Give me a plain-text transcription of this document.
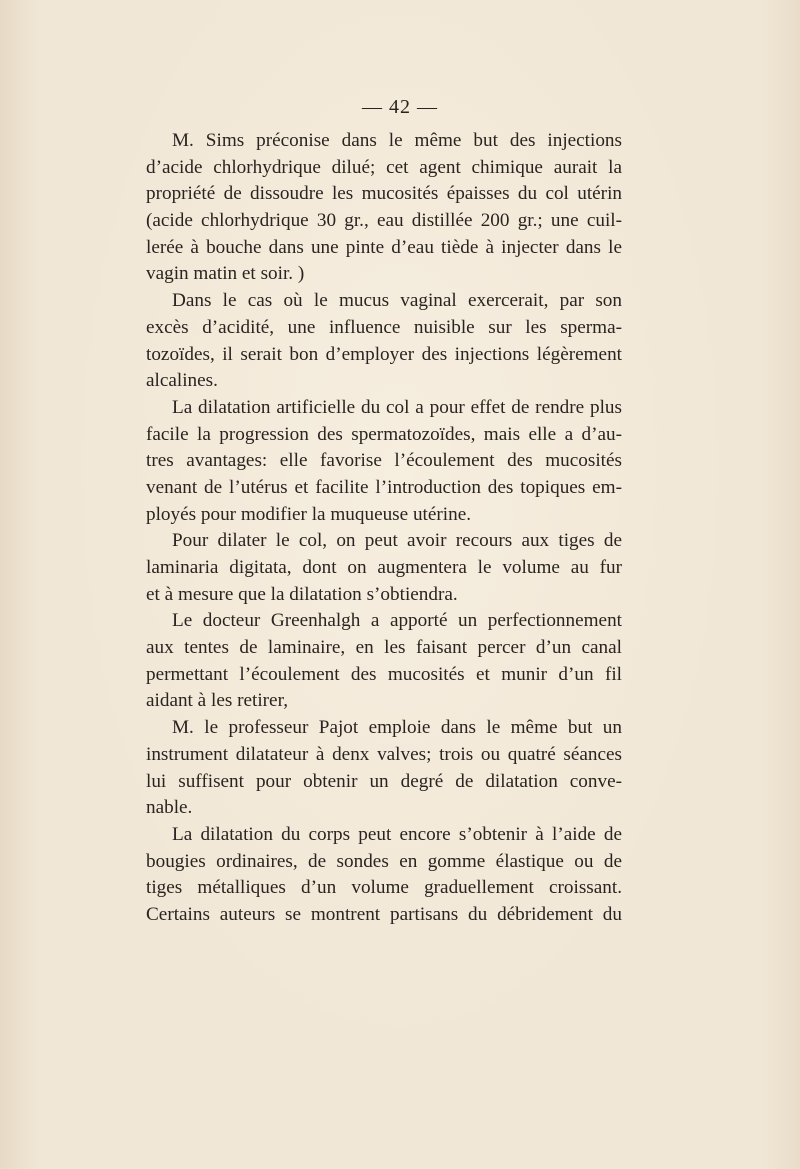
— 42 —
M. Sims préconise dans le même but des injections
d’acide chlorhydrique dilué; cet agent chimique aurait la
propriété de dissoudre les mucosités épaisses du col utérin
(acide chlorhydrique 30 gr., eau distillée 200 gr.; une cuil-
lerée à bouche dans une pinte d’eau tiède à injecter dans le
vagin matin et soir. )
Dans le cas où le mucus vaginal exercerait, par son
excès d’acidité, une influence nuisible sur les sperma-
tozoïdes, il serait bon d’employer des injections légèrement
alcalines.
La dilatation artificielle du col a pour effet de rendre plus
facile la progression des spermatozoïdes, mais elle a d’au-
tres avantages: elle favorise l’écoulement des mucosités
venant de l’utérus et facilite l’introduction des topiques em-
ployés pour modifier la muqueuse utérine.
Pour dilater le col, on peut avoir recours aux tiges de
laminaria digitata, dont on augmentera le volume au fur
et à mesure que la dilatation s’obtiendra.
Le docteur Greenhalgh a apporté un perfectionnement
aux tentes de laminaire, en les faisant percer d’un canal
permettant l’écoulement des mucosités et munir d’un fil
aidant à les retirer,
M. le professeur Pajot emploie dans le même but un
instrument dilatateur à denx valves; trois ou quatré séances
lui suffisent pour obtenir un degré de dilatation conve-
nable.
La dilatation du corps peut encore s’obtenir à l’aide de
bougies ordinaires, de sondes en gomme élastique ou de
tiges métalliques d’un volume graduellement croissant.
Certains auteurs se montrent partisans du débridement du
